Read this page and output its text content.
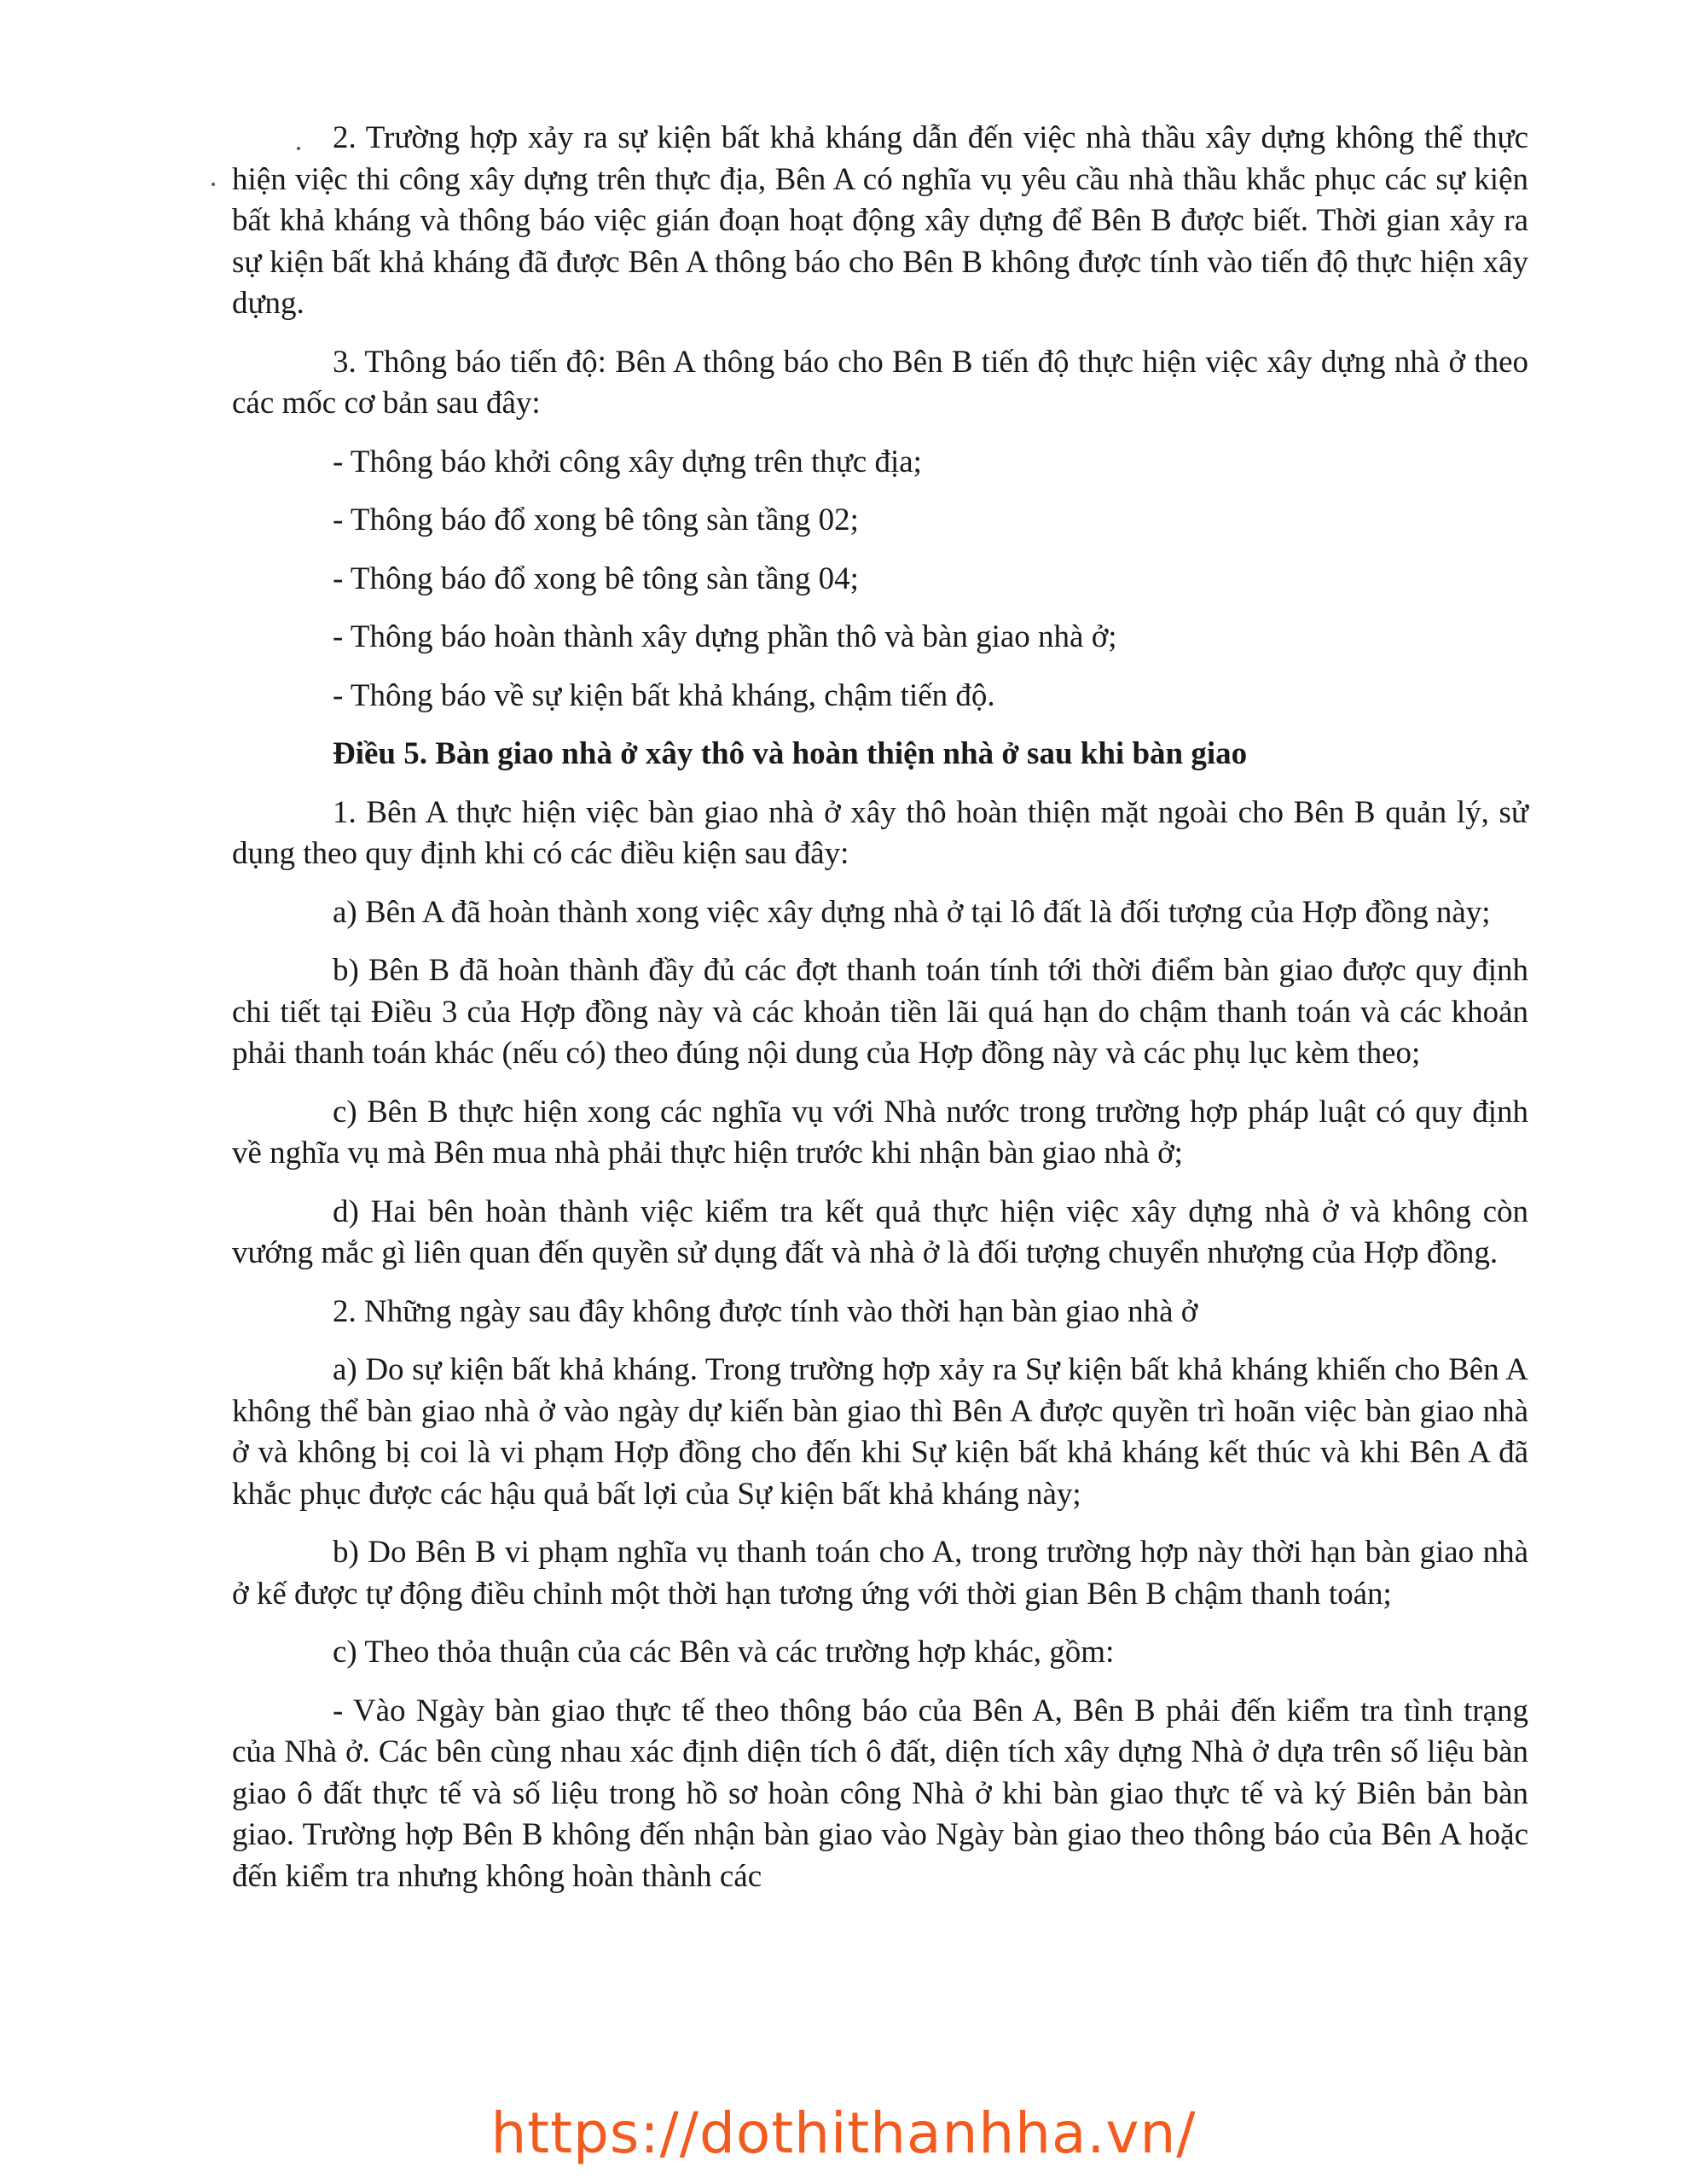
2. Trường hợp xảy ra sự kiện bất khả kháng dẫn đến việc nhà thầu xây dựng không thể thực hiện việc thi công xây dựng trên thực địa, Bên A có nghĩa vụ yêu cầu nhà thầu khắc phục các sự kiện bất khả kháng và thông báo việc gián đoạn hoạt động xây dựng để Bên B được biết. Thời gian xảy ra sự kiện bất khả kháng đã được Bên A thông báo cho Bên B không được tính vào tiến độ thực hiện xây dựng.

3. Thông báo tiến độ: Bên A thông báo cho Bên B tiến độ thực hiện việc xây dựng nhà ở theo các mốc cơ bản sau đây:

- Thông báo khởi công xây dựng trên thực địa;

- Thông báo đổ xong bê tông sàn tầng 02;

- Thông báo đổ xong bê tông sàn tầng 04;

- Thông báo hoàn thành xây dựng phần thô và bàn giao nhà ở;

- Thông báo về sự kiện bất khả kháng, chậm tiến độ.

Điều 5. Bàn giao nhà ở xây thô và hoàn thiện nhà ở sau khi bàn giao

1. Bên A thực hiện việc bàn giao nhà ở xây thô hoàn thiện mặt ngoài cho Bên B quản lý, sử dụng theo quy định khi có các điều kiện sau đây:

a) Bên A đã hoàn thành xong việc xây dựng nhà ở tại lô đất là đối tượng của Hợp đồng này;

b) Bên B đã hoàn thành đầy đủ các đợt thanh toán tính tới thời điểm bàn giao được quy định chi tiết tại Điều 3 của Hợp đồng này và các khoản tiền lãi quá hạn do chậm thanh toán và các khoản phải thanh toán khác (nếu có) theo đúng nội dung của Hợp đồng này và các phụ lục kèm theo;

c) Bên B thực hiện xong các nghĩa vụ với Nhà nước trong trường hợp pháp luật có quy định về nghĩa vụ mà Bên mua nhà phải thực hiện trước khi nhận bàn giao nhà ở;

d) Hai bên hoàn thành việc kiểm tra kết quả thực hiện việc xây dựng nhà ở và không còn vướng mắc gì liên quan đến quyền sử dụng đất và nhà ở là đối tượng chuyển nhượng của Hợp đồng.

2. Những ngày sau đây không được tính vào thời hạn bàn giao nhà ở

a) Do sự kiện bất khả kháng. Trong trường hợp xảy ra Sự kiện bất khả kháng khiến cho Bên A không thể bàn giao nhà ở vào ngày dự kiến bàn giao thì Bên A được quyền trì hoãn việc bàn giao nhà ở và không bị coi là vi phạm Hợp đồng cho đến khi Sự kiện bất khả kháng kết thúc và khi Bên A đã khắc phục được các hậu quả bất lợi của Sự kiện bất khả kháng này;

b) Do Bên B vi phạm nghĩa vụ thanh toán cho A, trong trường hợp này thời hạn bàn giao nhà ở kế được tự động điều chỉnh một thời hạn tương ứng với thời gian Bên B chậm thanh toán;

c) Theo thỏa thuận của các Bên và các trường hợp khác, gồm:

- Vào Ngày bàn giao thực tế theo thông báo của Bên A, Bên B phải đến kiểm tra tình trạng của Nhà ở. Các bên cùng nhau xác định diện tích ô đất, diện tích xây dựng Nhà ở dựa trên số liệu bàn giao ô đất thực tế và số liệu trong hồ sơ hoàn công Nhà ở khi bàn giao thực tế và ký Biên bản bàn giao. Trường hợp Bên B không đến nhận bàn giao vào Ngày bàn giao theo thông báo của Bên A hoặc đến kiểm tra nhưng không hoàn thành các

https://dothithanhha.vn/
